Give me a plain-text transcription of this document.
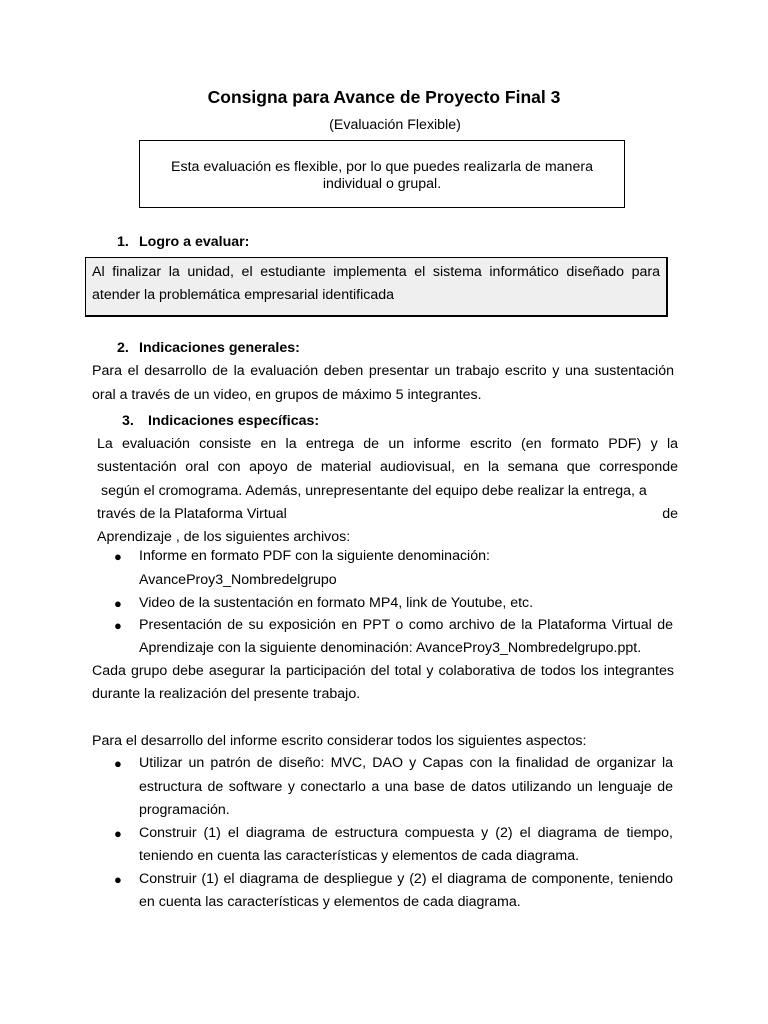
Consigna para Avance de Proyecto Final 3
(Evaluación Flexible)
Esta evaluación es flexible, por lo que puedes realizarla de manera
individual o grupal.
1. Logro a evaluar:
Al finalizar la unidad, el estudiante implementa el sistema informático diseñado para
atender la problemática empresarial identificada
2. Indicaciones generales:
Para el desarrollo de la evaluación deben presentar un trabajo escrito y una sustentación
oral a través de un video, en grupos de máximo 5 integrantes.
3. Indicaciones específicas:
La evaluación consiste en la entrega de un informe escrito (en formato PDF) y la
sustentación oral con apoyo de material audiovisual, en la semana que corresponde
según el cromograma. Además, unrepresentante del equipo debe realizar la entrega, a
través de la Plataforma Virtual	de
Aprendizaje , de los siguientes archivos:
● Informe en formato PDF con la siguiente denominación:
AvanceProy3_Nombredelgrupo
● Video de la sustentación en formato MP4, link de Youtube, etc.
● Presentación de su exposición en PPT o como archivo de la Plataforma Virtual de
Aprendizaje con la siguiente denominación: AvanceProy3_Nombredelgrupo.ppt.
Cada grupo debe asegurar la participación del total y colaborativa de todos los integrantes
durante la realización del presente trabajo.
Para el desarrollo del informe escrito considerar todos los siguientes aspectos:
● Utilizar un patrón de diseño: MVC, DAO y Capas con la finalidad de organizar la
estructura de software y conectarlo a una base de datos utilizando un lenguaje de
programación.
● Construir (1) el diagrama de estructura compuesta y (2) el diagrama de tiempo,
teniendo en cuenta las características y elementos de cada diagrama.
● Construir (1) el diagrama de despliegue y (2) el diagrama de componente, teniendo
en cuenta las características y elementos de cada diagrama.
